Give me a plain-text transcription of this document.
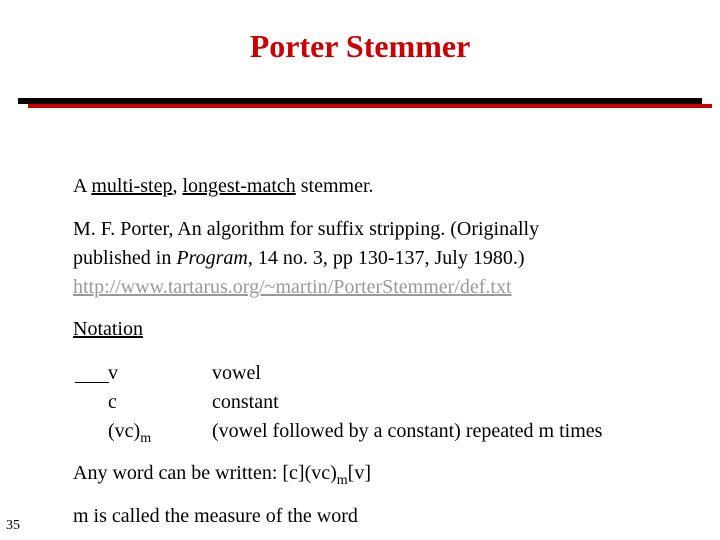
Porter Stemmer
A multi-step, longest-match stemmer.
M. F. Porter, An algorithm for suffix stripping. (Originally
published in Program, 14 no. 3, pp 130-137, July 1980.)
http://www.tartarus.org/~martin/PorterStemmer/def.txt
Notation
v
c
$(vc)_m$
vowel
constant
(vowel followed by a constant) repeated m times
Any word can be written: $[c](vc)_m[v]$
m is called the measure of the word
35
